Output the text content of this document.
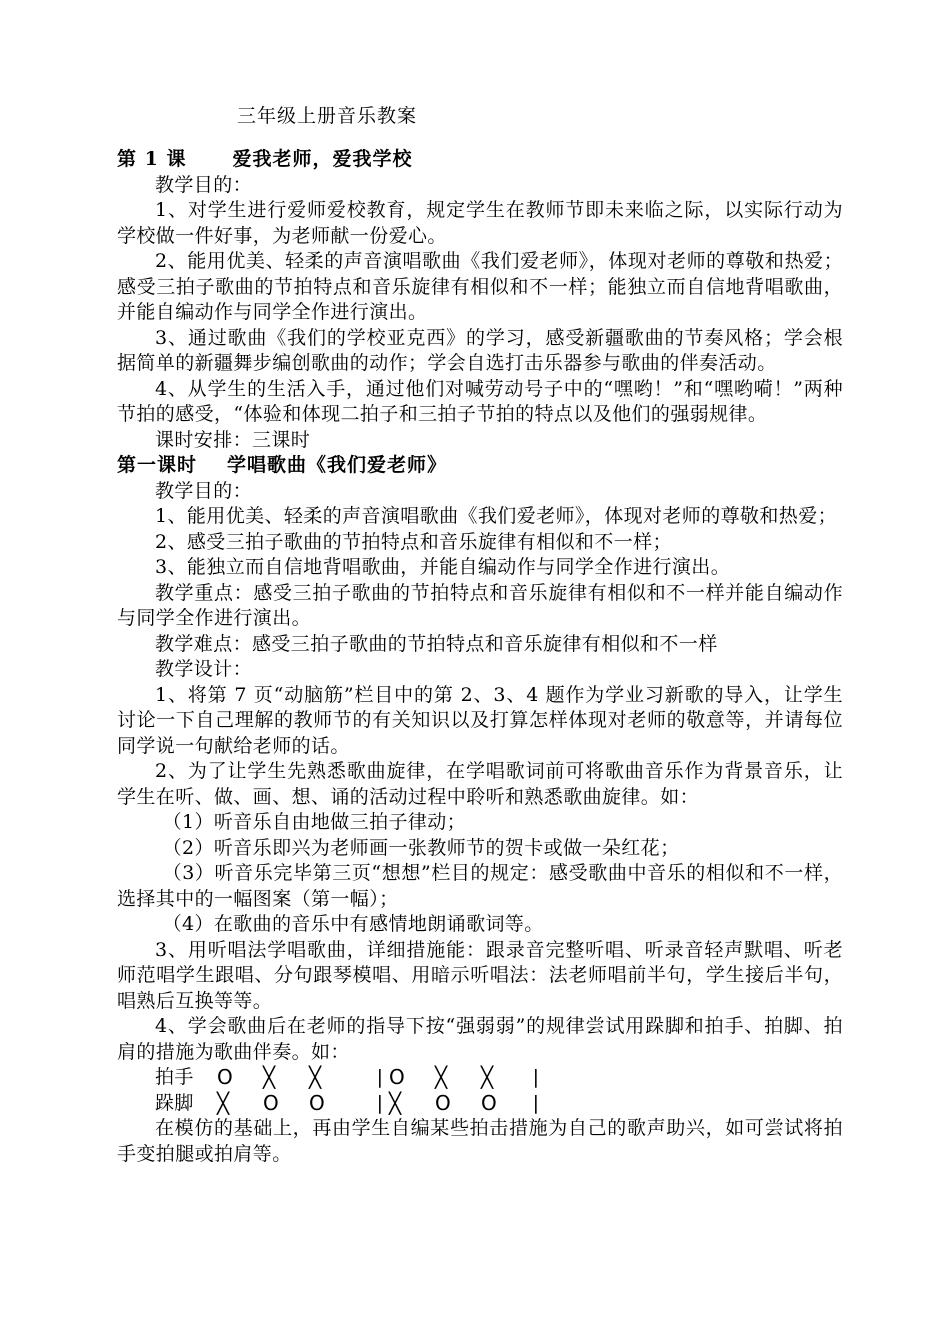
三年级上册音乐教案

第 1 课 爱我老师，爱我学校

教学目的：

1、对学生进行爱师爱校教育，规定学生在教师节即未来临之际，以实际行动为学校做一件好事，为老师献一份爱心。

2、能用优美、轻柔的声音演唱歌曲《我们爱老师》，体现对老师的尊敬和热爱；感受三拍子歌曲的节拍特点和音乐旋律有相似和不一样；能独立而自信地背唱歌曲，并能自编动作与同学全作进行演出。

3、通过歌曲《我们的学校亚克西》的学习，感受新疆歌曲的节奏风格；学会根据简单的新疆舞步编创歌曲的动作；学会自选打击乐器参与歌曲的伴奏活动。

4、从学生的生活入手，通过他们对喊劳动号子中的“嘿哟！”和“嘿哟嗬！”两种节拍的感受，“体验和体现二拍子和三拍子节拍的特点以及他们的强弱规律。

课时安排：三课时

第一课时 学唱歌曲《我们爱老师》

教学目的：

1、能用优美、轻柔的声音演唱歌曲《我们爱老师》，体现对老师的尊敬和热爱；

2、感受三拍子歌曲的节拍特点和音乐旋律有相似和不一样；

3、能独立而自信地背唱歌曲，并能自编动作与同学全作进行演出。

教学重点：感受三拍子歌曲的节拍特点和音乐旋律有相似和不一样并能自编动作与同学全作进行演出。

教学难点：感受三拍子歌曲的节拍特点和音乐旋律有相似和不一样

教学设计：

1、将第 7 页“动脑筋”栏目中的第 2、3、4 题作为学业习新歌的导入，让学生讨论一下自己理解的教师节的有关知识以及打算怎样体现对老师的敬意等，并请每位同学说一句献给老师的话。

2、为了让学生先熟悉歌曲旋律，在学唱歌词前可将歌曲音乐作为背景音乐，让学生在听、做、画、想、诵的活动过程中聆听和熟悉歌曲旋律。如：

（1）听音乐自由地做三拍子律动；

（2）听音乐即兴为老师画一张教师节的贺卡或做一朵红花；

（3）听音乐完毕第三页“想想”栏目的规定：感受歌曲中音乐的相似和不一样，选择其中的一幅图案（第一幅）；

（4）在歌曲的音乐中有感情地朗诵歌词等。

3、用听唱法学唱歌曲，详细措施能：跟录音完整听唱、听录音轻声默唱、听老师范唱学生跟唱、分句跟琴模唱、用暗示听唱法：法老师唱前半句，学生接后半句，唱熟后互换等等。

4、学会歌曲后在老师的指导下按“强弱弱”的规律尝试用跺脚和拍手、拍脚、拍肩的措施为歌曲伴奏。如：

拍手	O	╳	╳	| O	╳	╳	|
跺脚	╳	O	O	| ╳	O	O	|

在模仿的基础上，再由学生自编某些拍击措施为自己的歌声助兴，如可尝试将拍手变拍腿或拍肩等。
